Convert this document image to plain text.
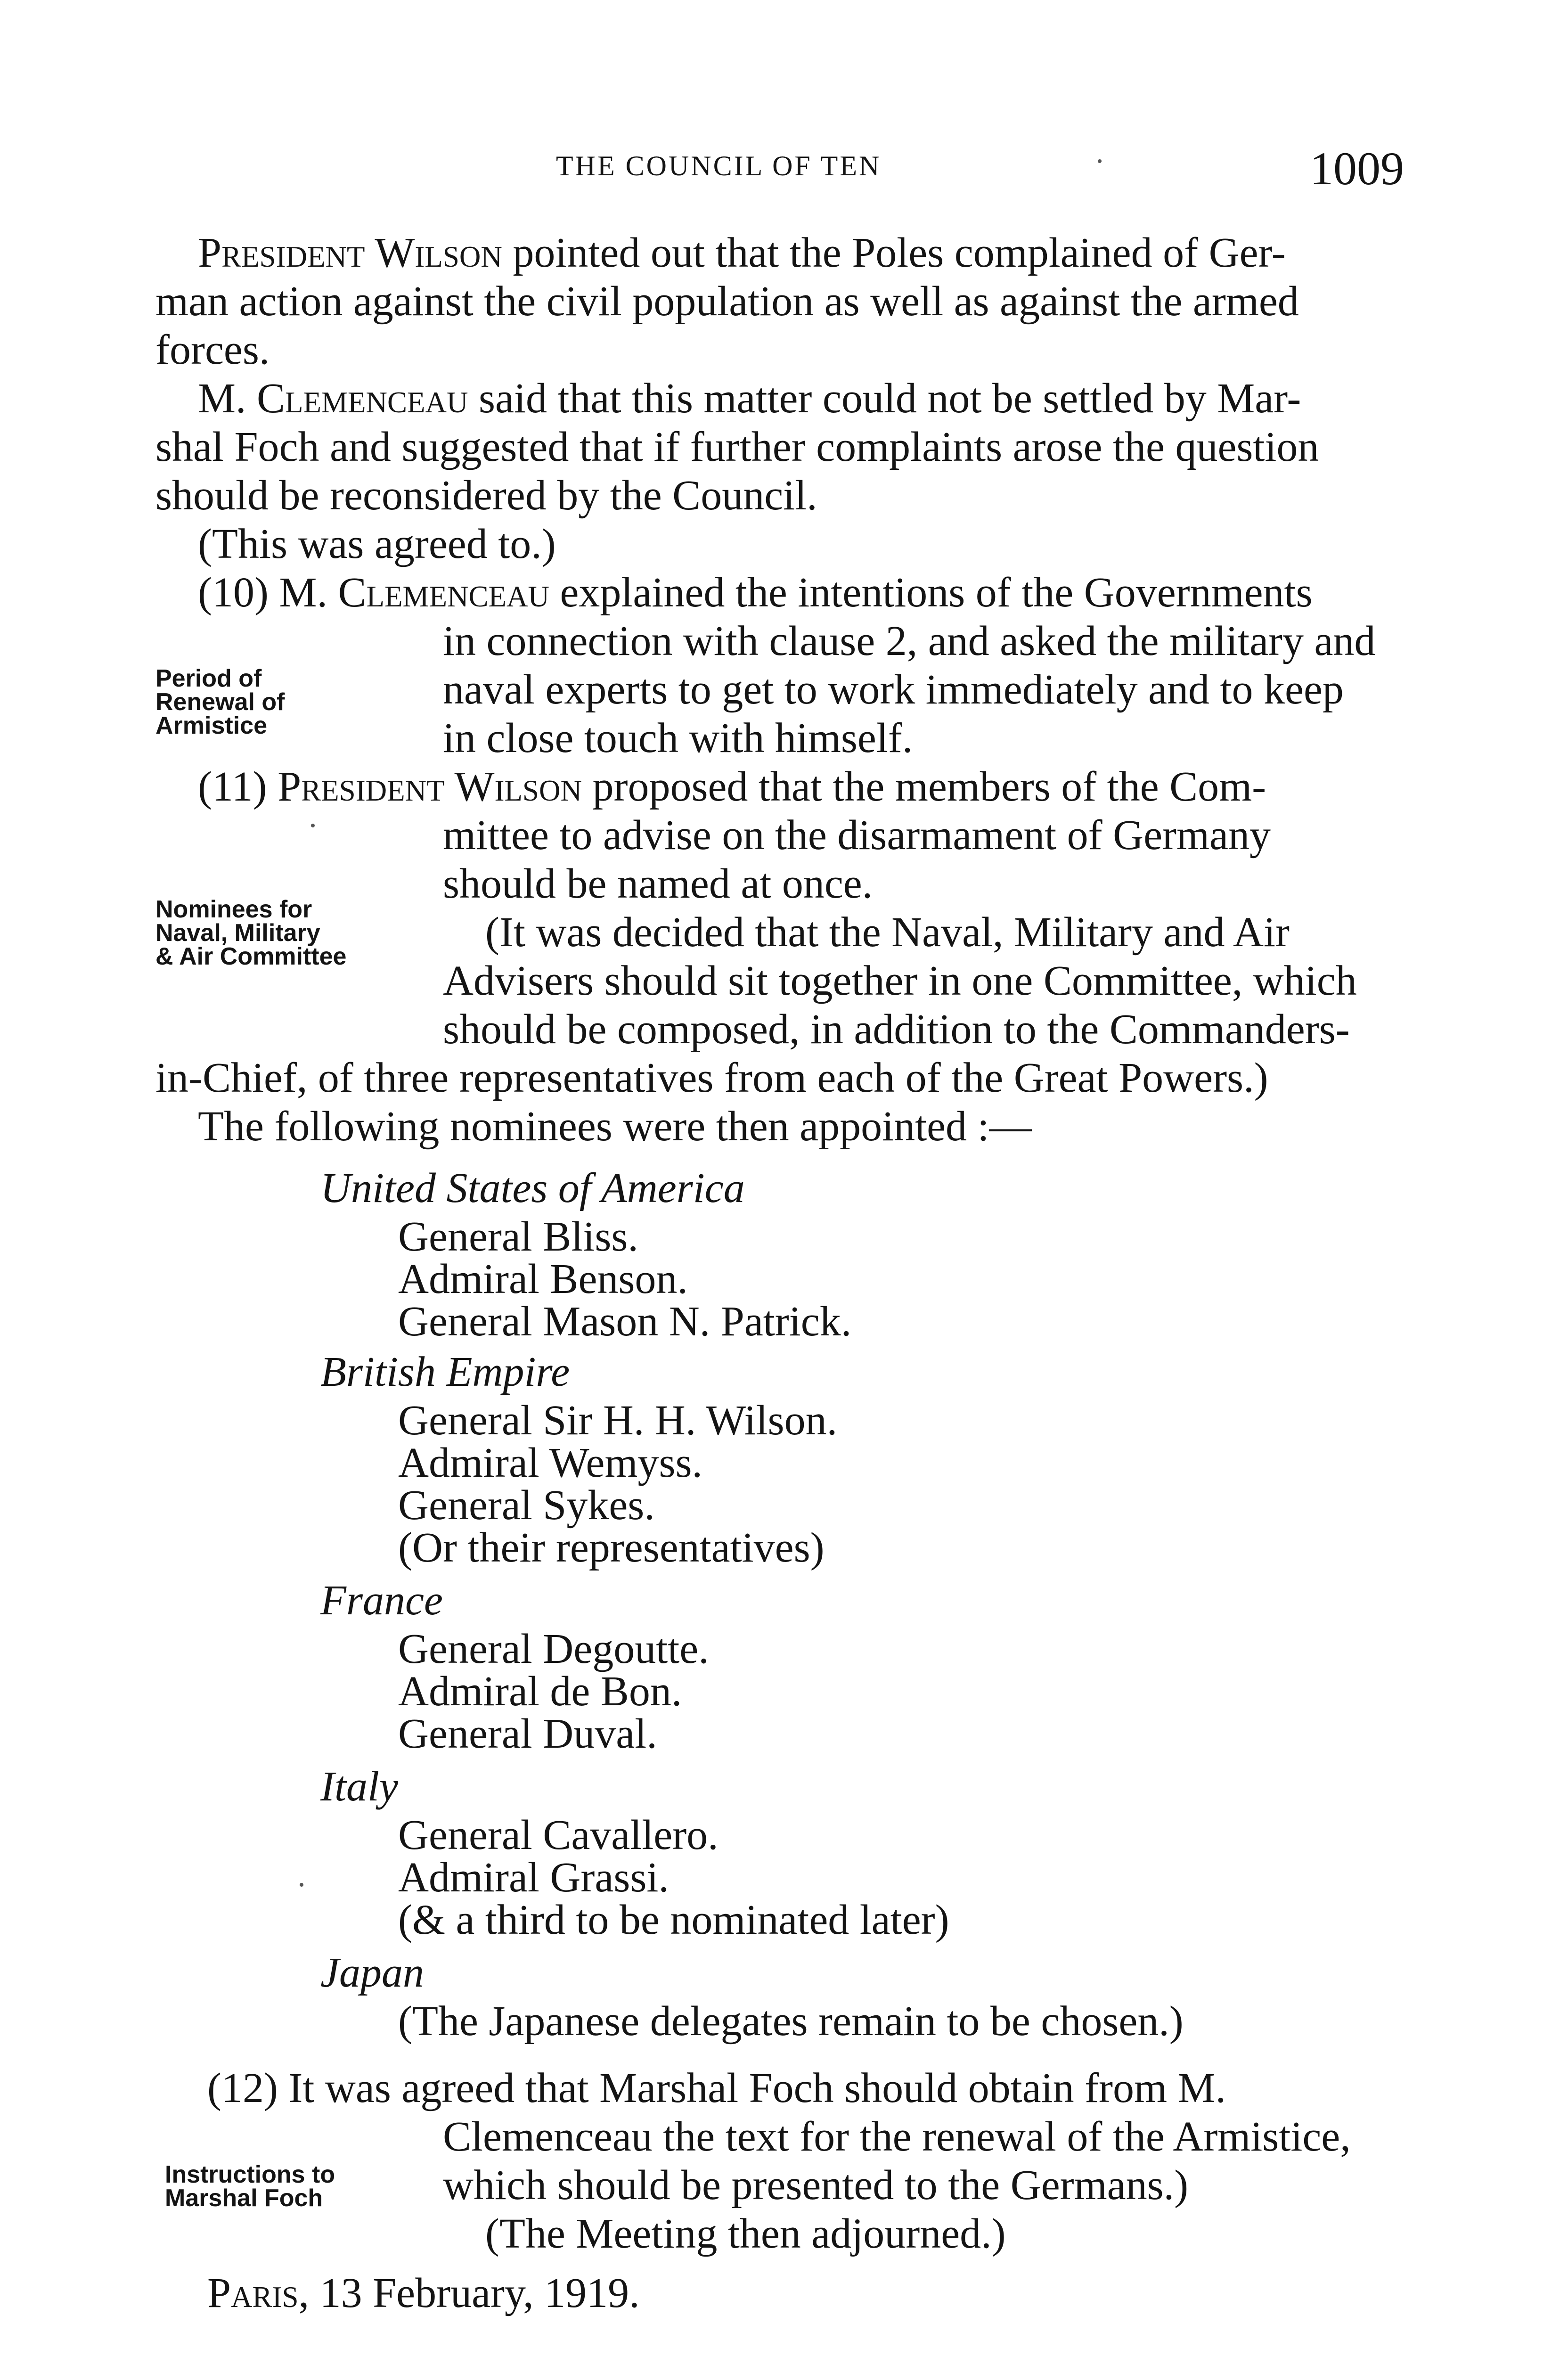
THE COUNCIL OF TEN	1009
President Wilson pointed out that the Poles complained of Ger-
man action against the civil population as well as against the armed
forces.
M. Clemenceau said that this matter could not be settled by Mar-
shal Foch and suggested that if further complaints arose the question
should be reconsidered by the Council.
(This was agreed to.)
(10) M. Clemenceau explained the intentions of the Governments
in connection with clause 2, and asked the military and
naval experts to get to work immediately and to keep
in close touch with himself.
Period of
Renewal of
Armistice
(11) President Wilson proposed that the members of the Com-
mittee to advise on the disarmament of Germany
should be named at once.
(It was decided that the Naval, Military and Air
Advisers should sit together in one Committee, which
should be composed, in addition to the Commanders-
in-Chief, of three representatives from each of the Great Powers.)
The following nominees were then appointed :—
Nominees for
Naval, Military
& Air Committee
United States of America
General Bliss.
Admiral Benson.
General Mason N. Patrick.
British Empire
General Sir H. H. Wilson.
Admiral Wemyss.
General Sykes.
(Or their representatives)
France
General Degoutte.
Admiral de Bon.
General Duval.
Italy
General Cavallero.
Admiral Grassi.
(& a third to be nominated later)
Japan
(The Japanese delegates remain to be chosen.)
(12) It was agreed that Marshal Foch should obtain from M.
Clemenceau the text for the renewal of the Armistice,
which should be presented to the Germans.)
(The Meeting then adjourned.)
Instructions to
Marshal Foch
Paris, 13 February, 1919.
